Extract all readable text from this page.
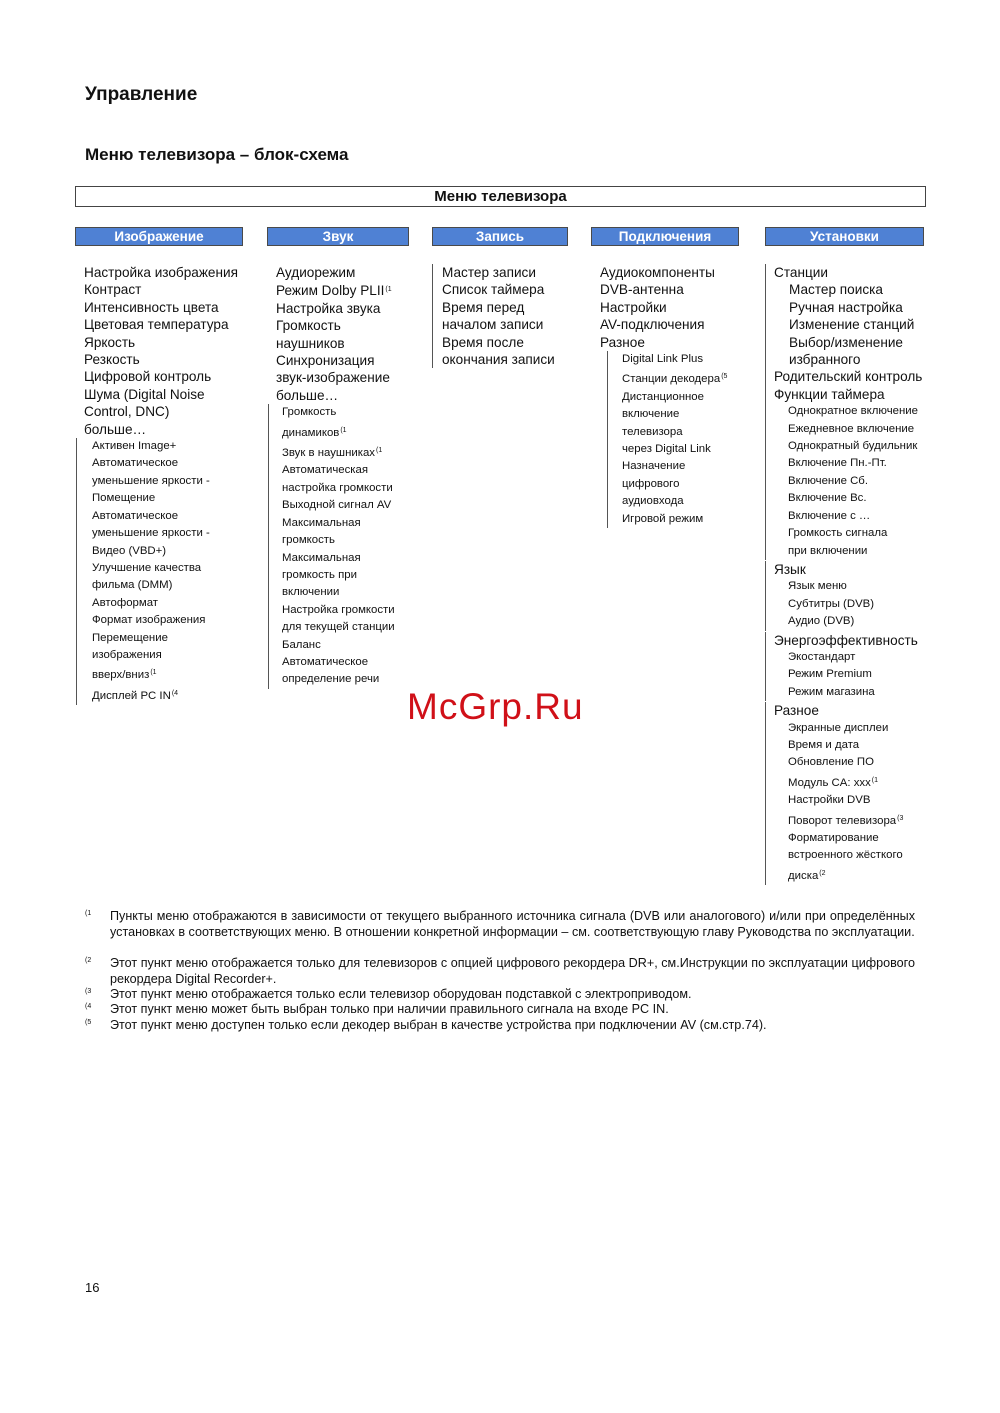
Управление
Меню телевизора – блок-схема
Меню телевизора
Изображение
Настройка изображения
Контраст
Интенсивность цвета
Цветовая температура
Яркость
Резкость
Цифровой контроль
Шума (Digital Noise
Control, DNC)
больше…
Активен Image+
Автоматическое
уменьшение яркости -
Помещение
Автоматическое
уменьшение яркости -
Видео (VBD+)
Улучшение качества
фильма (DMM)
Автоформат
Формат изображения
Перемещение
изображения
вверх/вниз$^{(1}$
Дисплей PC IN$^{(4}$
Звук
Аудиорежим
Режим Dolby PLII$^{(1}$
Настройка звука
Громкость
наушников
Синхронизация
звук-изображение
больше…
Громкость
динамиков$^{(1}$
Звук в наушниках$^{(1}$
Автоматическая
настройка громкости
Выходной сигнал AV
Максимальная
громкость
Максимальная
громкость при
включении
Настройка громкости
для текущей станции
Баланс
Автоматическое
определение речи
Запись
Мастер записи
Список таймера
Время перед
началом записи
Время после
окончания записи
Подключения
Аудиокомпоненты
DVB-антенна
Настройки
AV-подключения
Разное
Digital Link Plus
Станции декодера$^{(5}$
Дистанционное
включение
телевизора
через Digital Link
Назначение
цифрового
аудиовхода
Игровой режим
Установки
Станции
Мастер поиска
Ручная настройка
Изменение станций
Выбор/изменение
избранного
Родительский контроль
Функции таймера
Однократное включение
Ежедневное включение
Однократный будильник
Включение Пн.-Пт.
Включение Сб.
Включение Вс.
Включение с …
Громкость сигнала
при включении
Язык
Язык меню
Субтитры (DVB)
Аудио (DVB)
Энергоэффективность
Экостандарт
Режим Premium
Режим магазина
Разное
Экранные дисплеи
Время и дата
Обновление ПО
Модуль CA: xxx$^{(1}$
Настройки DVB
Поворот телевизора$^{(3}$
Форматирование
встроенного жёсткого
диска$^{(2}$
McGrp.Ru
(1 Пункты меню отображаются в зависимости от текущего выбранного источника сигнала (DVB или аналогового) и/или при определённых установках в соответствующих меню. В отношении конкретной информации – см. соответствующую главу Руководства по эксплуатации.
(2 Этот пункт меню отображается только для телевизоров с опцией цифрового рекордера DR+, см.Инструкции по эксплуатации цифрового рекордера Digital Recorder+.
(3 Этот пункт меню отображается только если телевизор оборудован подставкой с электроприводом.
(4 Этот пункт меню может быть выбран только при наличии правильного сигнала на входе PC IN.
(5 Этот пункт меню доступен только если декодер выбран в качестве устройства при подключении AV (см.стр.74).
16
